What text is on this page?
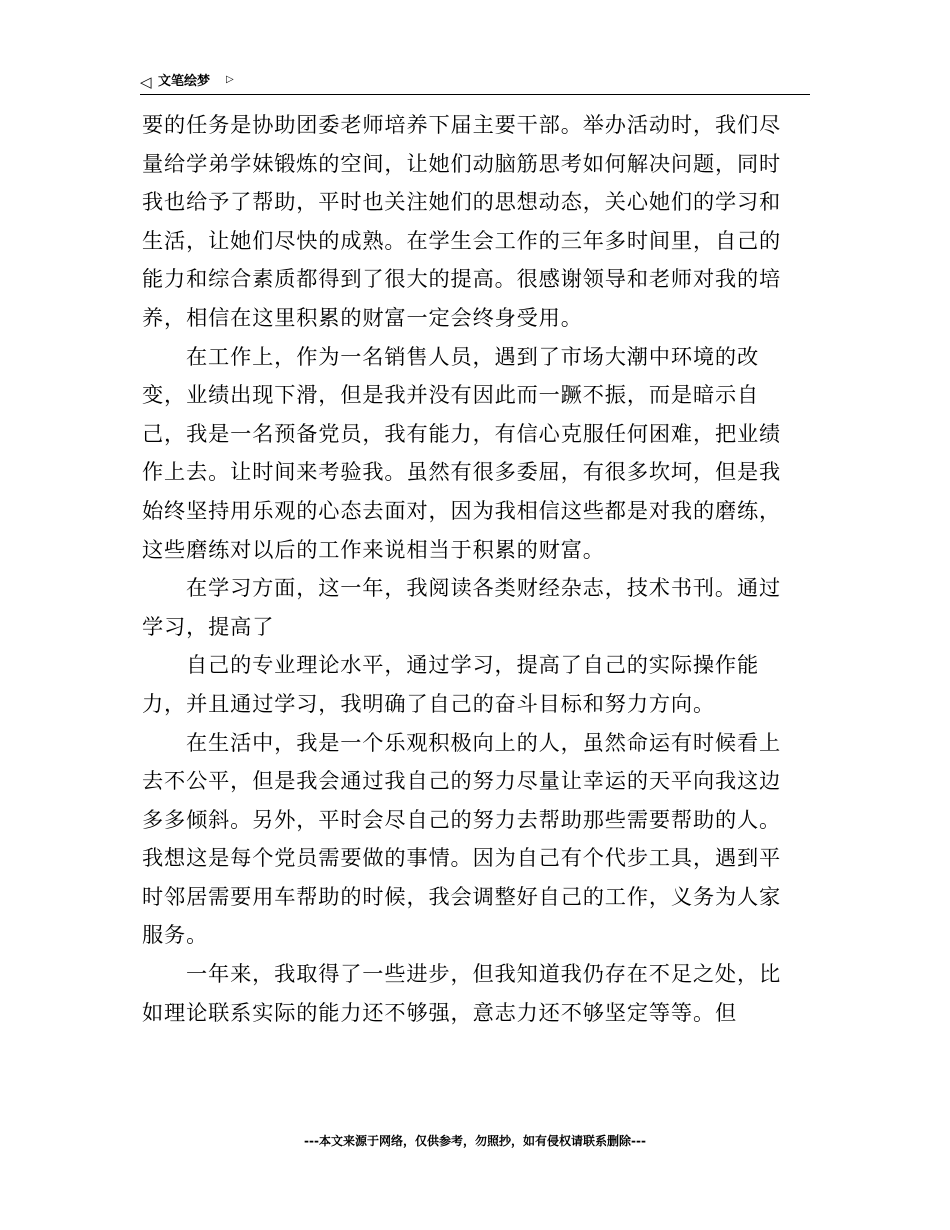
◁ 文笔绘梦 ▷

要的任务是协助团委老师培养下届主要干部。举办活动时，我们尽量给学弟学妹锻炼的空间，让她们动脑筋思考如何解决问题，同时我也给予了帮助，平时也关注她们的思想动态，关心她们的学习和生活，让她们尽快的成熟。在学生会工作的三年多时间里，自己的能力和综合素质都得到了很大的提高。很感谢领导和老师对我的培养，相信在这里积累的财富一定会终身受用。

在工作上，作为一名销售人员，遇到了市场大潮中环境的改变，业绩出现下滑，但是我并没有因此而一蹶不振，而是暗示自己，我是一名预备党员，我有能力，有信心克服任何困难，把业绩作上去。让时间来考验我。虽然有很多委屈，有很多坎坷，但是我始终坚持用乐观的心态去面对，因为我相信这些都是对我的磨练，这些磨练对以后的工作来说相当于积累的财富。

在学习方面，这一年，我阅读各类财经杂志，技术书刊。通过学习，提高了

自己的专业理论水平，通过学习，提高了自己的实际操作能力，并且通过学习，我明确了自己的奋斗目标和努力方向。

在生活中，我是一个乐观积极向上的人，虽然命运有时候看上去不公平，但是我会通过我自己的努力尽量让幸运的天平向我这边多多倾斜。另外，平时会尽自己的努力去帮助那些需要帮助的人。我想这是每个党员需要做的事情。因为自己有个代步工具，遇到平时邻居需要用车帮助的时候，我会调整好自己的工作，义务为人家服务。

一年来，我取得了一些进步，但我知道我仍存在不足之处，比如理论联系实际的能力还不够强，意志力还不够坚定等等。但

---本文来源于网络，仅供参考，勿照抄，如有侵权请联系删除---
